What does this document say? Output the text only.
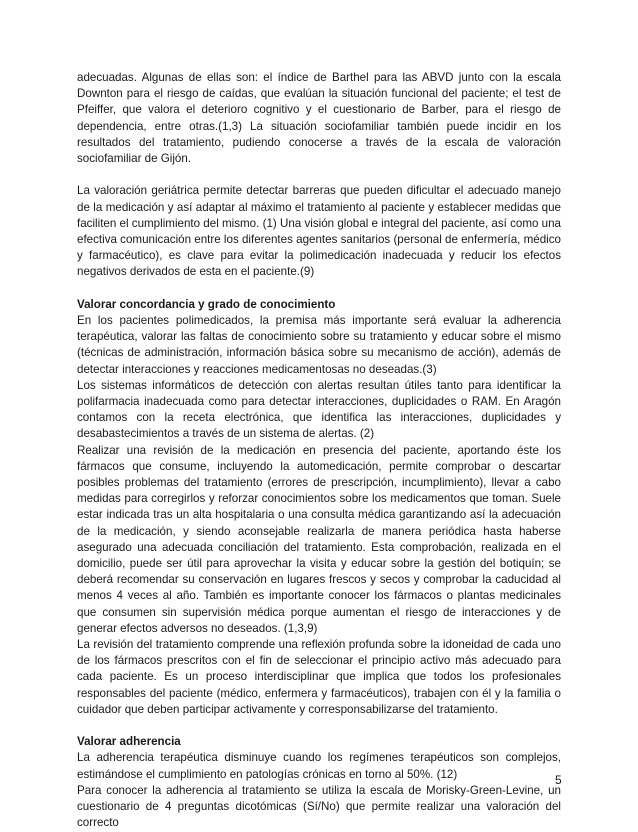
adecuadas. Algunas de ellas son: el índice de Barthel para las ABVD junto con la escala Downton para el riesgo de caídas, que evalúan la situación funcional del paciente; el test de Pfeiffer, que valora el deterioro cognitivo y el cuestionario de Barber, para el riesgo de dependencia, entre otras.(1,3) La situación sociofamiliar también puede incidir en los resultados del tratamiento, pudiendo conocerse a través de la escala de valoración sociofamiliar de Gijón.

La valoración geriátrica permite detectar barreras que pueden dificultar el adecuado manejo de la medicación y así adaptar al máximo el tratamiento al paciente y establecer medidas que faciliten el cumplimiento del mismo. (1) Una visión global e integral del paciente, así como una efectiva comunicación entre los diferentes agentes sanitarios (personal de enfermería, médico y farmacéutico), es clave para evitar la polimedicación inadecuada y reducir los efectos negativos derivados de esta en el paciente.(9)

Valorar concordancia y grado de conocimiento

En los pacientes polimedicados, la premisa más importante será evaluar la adherencia terapéutica, valorar las faltas de conocimiento sobre su tratamiento y educar sobre el mismo (técnicas de administración, información básica sobre su mecanismo de acción), además de detectar interacciones y reacciones medicamentosas no deseadas.(3)

Los sistemas informáticos de detección con alertas resultan útiles tanto para identificar la polifarmacia inadecuada como para detectar interacciones, duplicidades o RAM. En Aragón contamos con la receta electrónica, que identifica las interacciones, duplicidades y desabastecimientos a través de un sistema de alertas. (2)

Realizar una revisión de la medicación en presencia del paciente, aportando éste los fármacos que consume, incluyendo la automedicación, permite comprobar o descartar posibles problemas del tratamiento (errores de prescripción, incumplimiento), llevar a cabo medidas para corregirlos y reforzar conocimientos sobre los medicamentos que toman. Suele estar indicada tras un alta hospitalaria o una consulta médica garantizando así la adecuación de la medicación, y siendo aconsejable realizarla de manera periódica hasta haberse asegurado una adecuada conciliación del tratamiento. Esta comprobación, realizada en el domicilio, puede ser útil para aprovechar la visita y educar sobre la gestión del botiquín; se deberá recomendar su conservación en lugares frescos y secos y comprobar la caducidad al menos 4 veces al año. También es importante conocer los fármacos o plantas medicinales que consumen sin supervisión médica porque aumentan el riesgo de interacciones y de generar efectos adversos no deseados. (1,3,9)

La revisión del tratamiento comprende una reflexión profunda sobre la idoneidad de cada uno de los fármacos prescritos con el fin de seleccionar el principio activo más adecuado para cada paciente. Es un proceso interdisciplinar que implica que todos los profesionales responsables del paciente (médico, enfermera y farmacéuticos), trabajen con él y la familia o cuidador que deben participar activamente y corresponsabilizarse del tratamiento.

Valorar adherencia

La adherencia terapéutica disminuye cuando los regímenes terapéuticos son complejos, estimándose el cumplimiento en patologías crónicas en torno al 50%. (12)

Para conocer la adherencia al tratamiento se utiliza la escala de Morisky-Green-Levine, un cuestionario de 4 preguntas dicotómicas (Sí/No) que permite realizar una valoración del correcto

5
